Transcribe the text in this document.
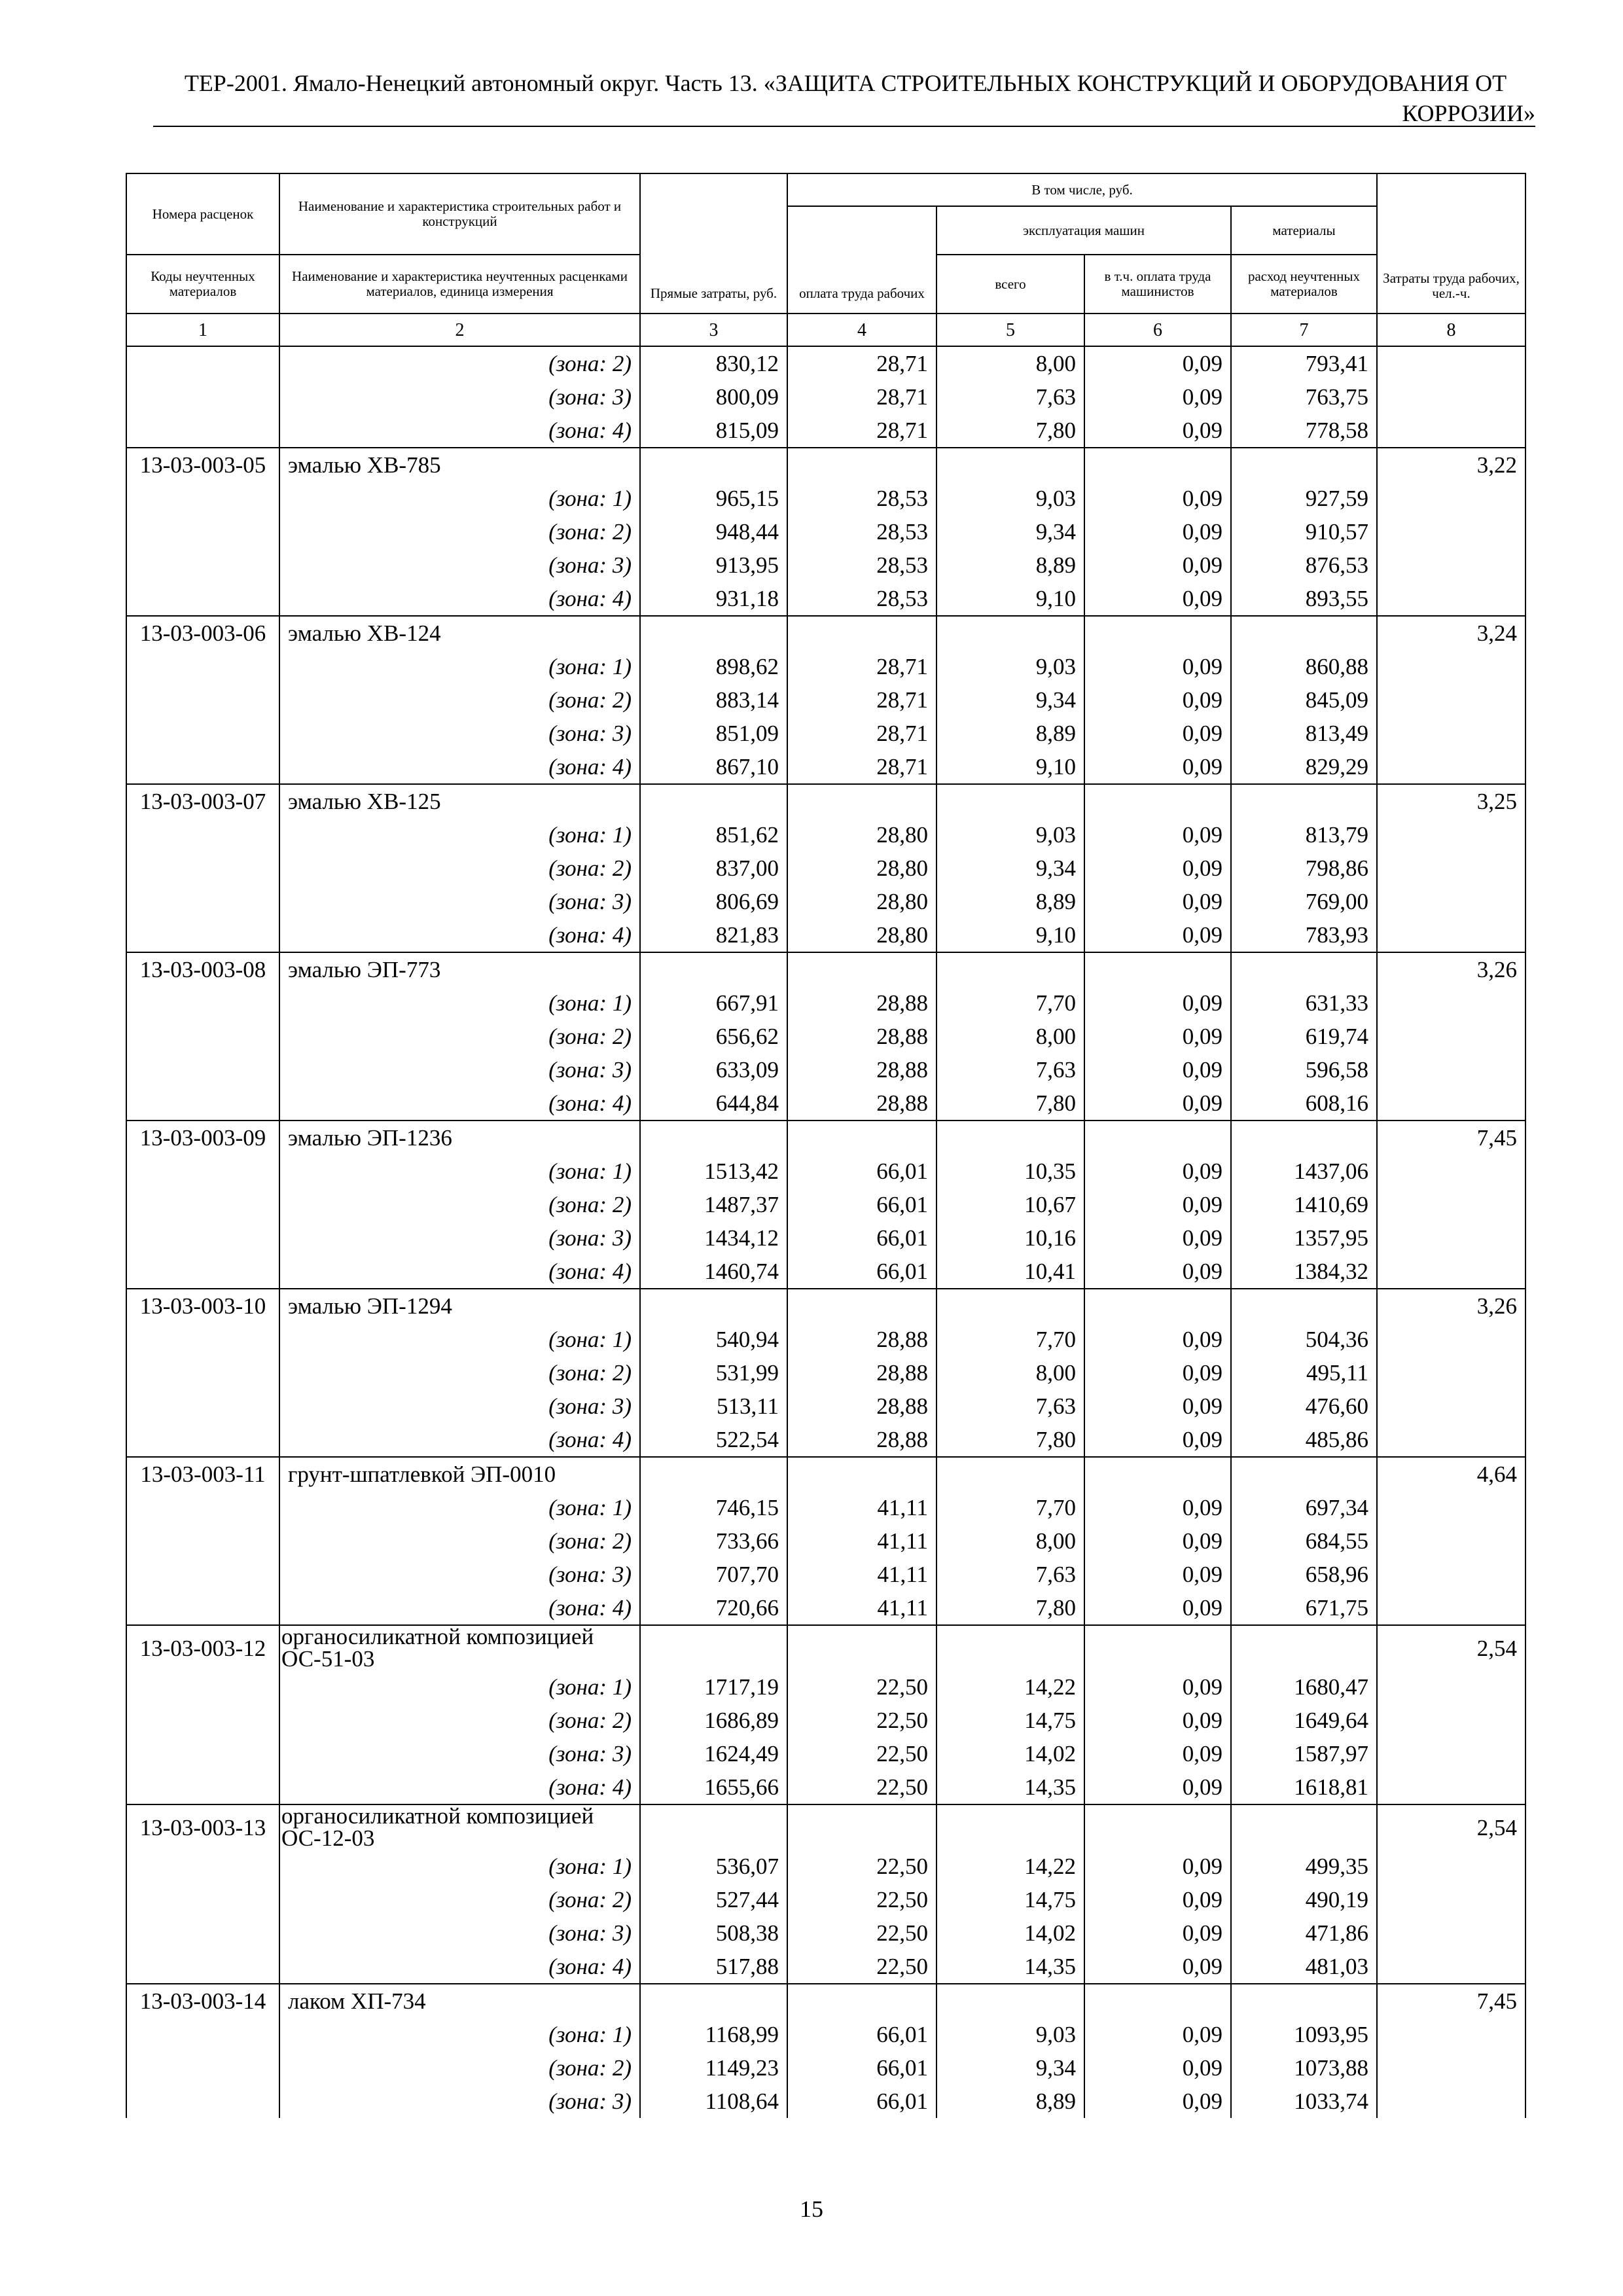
ТЕР-2001. Ямало-Ненецкий автономный округ. Часть 13. «ЗАЩИТА СТРОИТЕЛЬНЫХ КОНСТРУКЦИЙ И ОБОРУДОВАНИЯ ОТ
КОРРОЗИИ»
Номера расценок	Наименование и характеристика строительных работ и конструкций	Прямые затраты, руб.	В том числе, руб.				Затраты труда рабочих, чел.-ч.
			оплата труда рабочих	эксплуатация машин		материалы	
Коды неучтенных материалов	Наименование и характеристика неучтенных расценками материалов, единица измерения			всего	в т.ч. оплата труда машинистов	расход неучтенных материалов	
1	2	3	4	5	6	7	8
	(зона: 2)	830,12	28,71	8,00	0,09	793,41	
	(зона: 3)	800,09	28,71	7,63	0,09	763,75	
	(зона: 4)	815,09	28,71	7,80	0,09	778,58	
13-03-003-05	эмалью ХВ-785						3,22
	(зона: 1)	965,15	28,53	9,03	0,09	927,59	
	(зона: 2)	948,44	28,53	9,34	0,09	910,57	
	(зона: 3)	913,95	28,53	8,89	0,09	876,53	
	(зона: 4)	931,18	28,53	9,10	0,09	893,55	
13-03-003-06	эмалью ХВ-124						3,24
	(зона: 1)	898,62	28,71	9,03	0,09	860,88	
	(зона: 2)	883,14	28,71	9,34	0,09	845,09	
	(зона: 3)	851,09	28,71	8,89	0,09	813,49	
	(зона: 4)	867,10	28,71	9,10	0,09	829,29	
13-03-003-07	эмалью ХВ-125						3,25
	(зона: 1)	851,62	28,80	9,03	0,09	813,79	
	(зона: 2)	837,00	28,80	9,34	0,09	798,86	
	(зона: 3)	806,69	28,80	8,89	0,09	769,00	
	(зона: 4)	821,83	28,80	9,10	0,09	783,93	
13-03-003-08	эмалью ЭП-773						3,26
	(зона: 1)	667,91	28,88	7,70	0,09	631,33	
	(зона: 2)	656,62	28,88	8,00	0,09	619,74	
	(зона: 3)	633,09	28,88	7,63	0,09	596,58	
	(зона: 4)	644,84	28,88	7,80	0,09	608,16	
13-03-003-09	эмалью ЭП-1236						7,45
	(зона: 1)	1513,42	66,01	10,35	0,09	1437,06	
	(зона: 2)	1487,37	66,01	10,67	0,09	1410,69	
	(зона: 3)	1434,12	66,01	10,16	0,09	1357,95	
	(зона: 4)	1460,74	66,01	10,41	0,09	1384,32	
13-03-003-10	эмалью ЭП-1294						3,26
	(зона: 1)	540,94	28,88	7,70	0,09	504,36	
	(зона: 2)	531,99	28,88	8,00	0,09	495,11	
	(зона: 3)	513,11	28,88	7,63	0,09	476,60	
	(зона: 4)	522,54	28,88	7,80	0,09	485,86	
13-03-003-11	грунт-шпатлевкой ЭП-0010						4,64
	(зона: 1)	746,15	41,11	7,70	0,09	697,34	
	(зона: 2)	733,66	41,11	8,00	0,09	684,55	
	(зона: 3)	707,70	41,11	7,63	0,09	658,96	
	(зона: 4)	720,66	41,11	7,80	0,09	671,75	
13-03-003-12	органосиликатной композицией ОС-51-03						2,54
	(зона: 1)	1717,19	22,50	14,22	0,09	1680,47	
	(зона: 2)	1686,89	22,50	14,75	0,09	1649,64	
	(зона: 3)	1624,49	22,50	14,02	0,09	1587,97	
	(зона: 4)	1655,66	22,50	14,35	0,09	1618,81	
13-03-003-13	органосиликатной композицией ОС-12-03						2,54
	(зона: 1)	536,07	22,50	14,22	0,09	499,35	
	(зона: 2)	527,44	22,50	14,75	0,09	490,19	
	(зона: 3)	508,38	22,50	14,02	0,09	471,86	
	(зона: 4)	517,88	22,50	14,35	0,09	481,03	
13-03-003-14	лаком ХП-734						7,45
	(зона: 1)	1168,99	66,01	9,03	0,09	1093,95	
	(зона: 2)	1149,23	66,01	9,34	0,09	1073,88	
	(зона: 3)	1108,64	66,01	8,89	0,09	1033,74	
15
